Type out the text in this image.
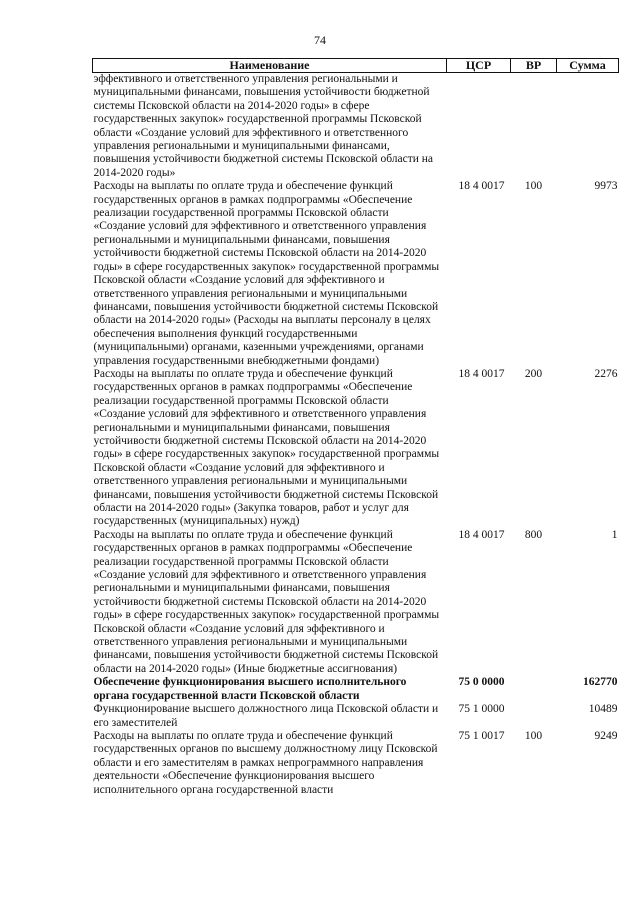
74
Наименование	ЦСР	ВР	Сумма
эффективного и ответственного управления региональными и муниципальными финансами, повышения устойчивости бюджетной системы Псковской области на 2014-2020 годы» в сфере государственных закупок» государственной программы Псковской области «Создание условий для эффективного и ответственного управления региональными и муниципальными финансами, повышения устойчивости бюджетной системы Псковской области на 2014-2020 годы»			
Расходы на выплаты по оплате труда и обеспечение функций государственных органов в рамках подпрограммы «Обеспечение реализации государственной программы Псковской области «Создание условий для эффективного и ответственного управления региональными и муниципальными финансами, повышения устойчивости бюджетной системы Псковской области на 2014-2020 годы» в сфере государственных закупок» государственной программы Псковской области «Создание условий для эффективного и ответственного управления региональными и муниципальными финансами, повышения устойчивости бюджетной системы Псковской области на 2014-2020 годы» (Расходы на выплаты персоналу в целях обеспечения выполнения функций государственными (муниципальными) органами, казенными учреждениями, органами управления государственными внебюджетными фондами)	18 4 0017	100	9973
Расходы на выплаты по оплате труда и обеспечение функций государственных органов в рамках подпрограммы «Обеспечение реализации государственной программы Псковской области «Создание условий для эффективного и ответственного управления региональными и муниципальными финансами, повышения устойчивости бюджетной системы Псковской области на 2014-2020 годы» в сфере государственных закупок» государственной программы Псковской области «Создание условий для эффективного и ответственного управления региональными и муниципальными финансами, повышения устойчивости бюджетной системы Псковской области на 2014-2020 годы» (Закупка товаров, работ и услуг для государственных (муниципальных) нужд)	18 4 0017	200	2276
Расходы на выплаты по оплате труда и обеспечение функций государственных органов в рамках подпрограммы «Обеспечение реализации государственной программы Псковской области «Создание условий для эффективного и ответственного управления региональными и муниципальными финансами, повышения устойчивости бюджетной системы Псковской области на 2014-2020 годы» в сфере государственных закупок» государственной программы Псковской области «Создание условий для эффективного и ответственного управления региональными и муниципальными финансами, повышения устойчивости бюджетной системы Псковской области на 2014-2020 годы» (Иные бюджетные ассигнования)	18 4 0017	800	1
Обеспечение функционирования высшего исполнительного органа государственной власти Псковской области	75 0 0000		162770
Функционирование высшего должностного лица Псковской области и его заместителей	75 1 0000		10489
Расходы на выплаты по оплате труда и обеспечение функций государственных органов по высшему должностному лицу Псковской области и его заместителям в рамках непрограммного направления деятельности «Обеспечение функционирования высшего исполнительного органа государственной власти	75 1 0017	100	9249
